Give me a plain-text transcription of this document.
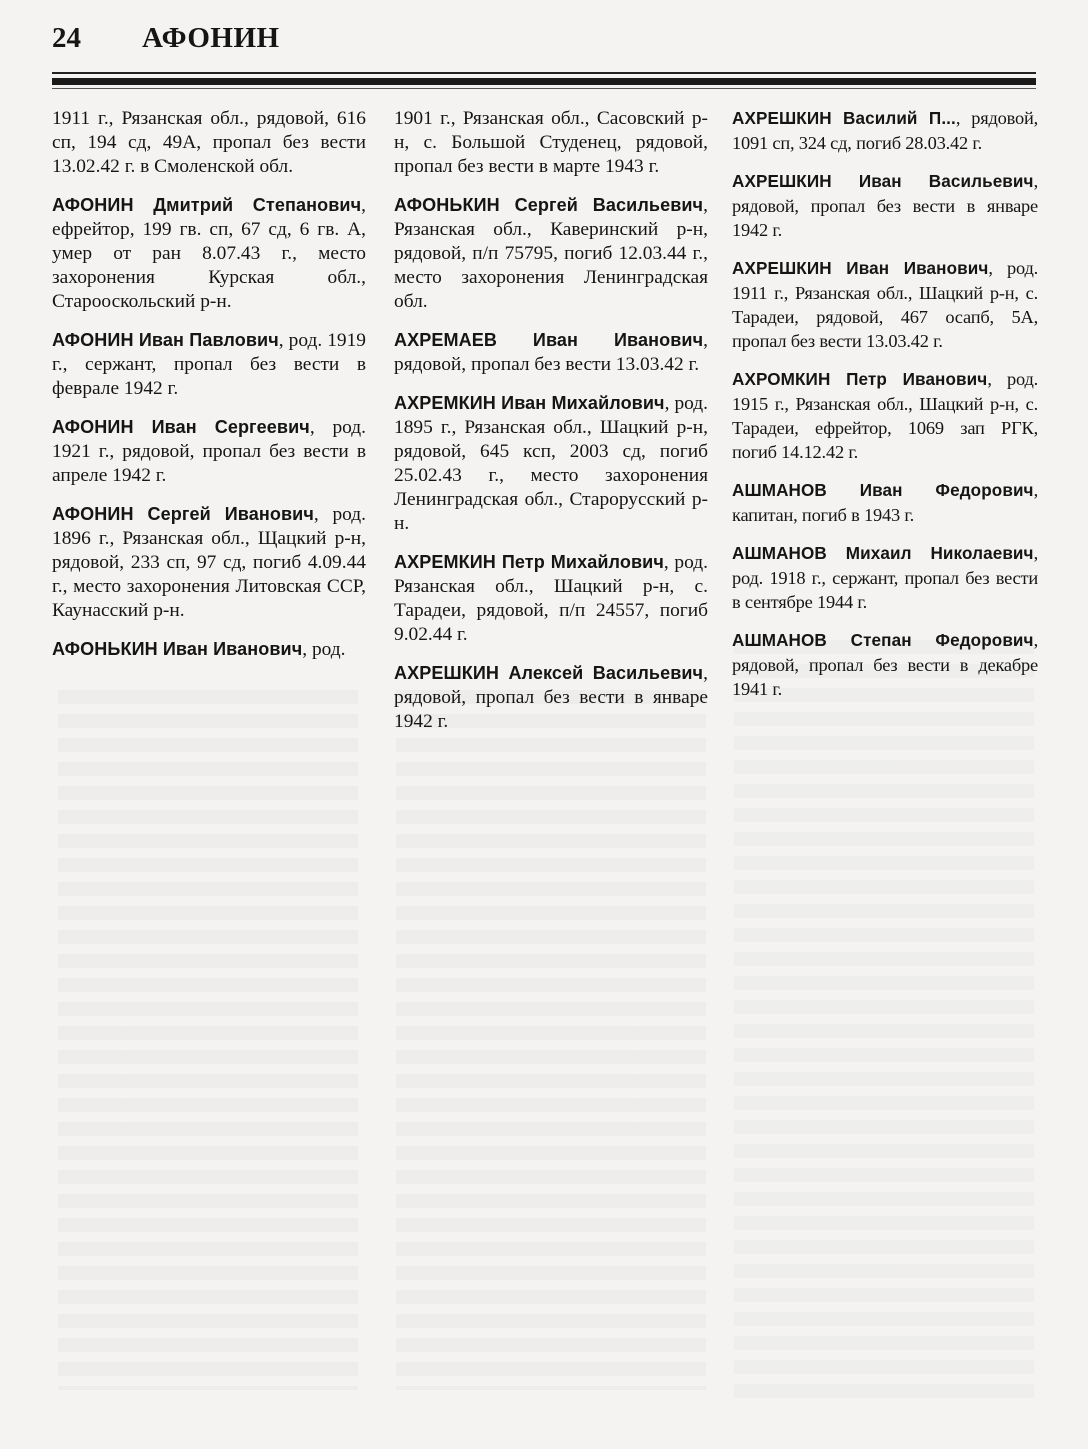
24	АФОНИН

1911 г., Рязанская обл., рядовой, 616 сп, 194 сд, 49А, пропал без вести 13.02.42 г. в Смоленской обл.

АФОНИН Дмитрий Степанович, ефрейтор, 199 гв. сп, 67 сд, 6 гв. А, умер от ран 8.07.43 г., место захоронения Курская обл., Старооскольский р-н.

АФОНИН Иван Павлович, род. 1919 г., сержант, пропал без вести в феврале 1942 г.

АФОНИН Иван Сергеевич, род. 1921 г., рядовой, пропал без вести в апреле 1942 г.

АФОНИН Сергей Иванович, род. 1896 г., Рязанская обл., Щацкий р-н, рядовой, 233 сп, 97 сд, погиб 4.09.44 г., место захоронения Литовская ССР, Каунасский р-н.

АФОНЬКИН Иван Иванович, род.

1901 г., Рязанская обл., Сасовский р-н, с. Большой Студенец, рядовой, пропал без вести в марте 1943 г.

АФОНЬКИН Сергей Васильевич, Рязанская обл., Каверинский р-н, рядовой, п/п 75795, погиб 12.03.44 г., место захоронения Ленинградская обл.

АХРЕМАЕВ Иван Иванович, рядовой, пропал без вести 13.03.42 г.

АХРЕМКИН Иван Михайлович, род. 1895 г., Рязанская обл., Шацкий р-н, рядовой, 645 ксп, 2003 сд, погиб 25.02.43 г., место захоронения Ленинградская обл., Старорусский р-н.

АХРЕМКИН Петр Михайлович, род. Рязанская обл., Шацкий р-н, с. Тарадеи, рядовой, п/п 24557, погиб 9.02.44 г.

АХРЕШКИН Алексей Васильевич, рядовой, пропал без вести в январе 1942 г.

АХРЕШКИН Василий П..., рядовой, 1091 сп, 324 сд, погиб 28.03.42 г.

АХРЕШКИН Иван Васильевич, рядовой, пропал без вести в январе 1942 г.

АХРЕШКИН Иван Иванович, род. 1911 г., Рязанская обл., Шацкий р-н, с. Тарадеи, рядовой, 467 осапб, 5А, пропал без вести 13.03.42 г.

АХРОМКИН Петр Иванович, род. 1915 г., Рязанская обл., Шацкий р-н, с. Тарадеи, ефрейтор, 1069 зап РГК, погиб 14.12.42 г.

АШМАНОВ Иван Федорович, капитан, погиб в 1943 г.

АШМАНОВ Михаил Николаевич, род. 1918 г., сержант, пропал без вести в сентябре 1944 г.

АШМАНОВ Степан Федорович, рядовой, пропал без вести в декабре 1941 г.
